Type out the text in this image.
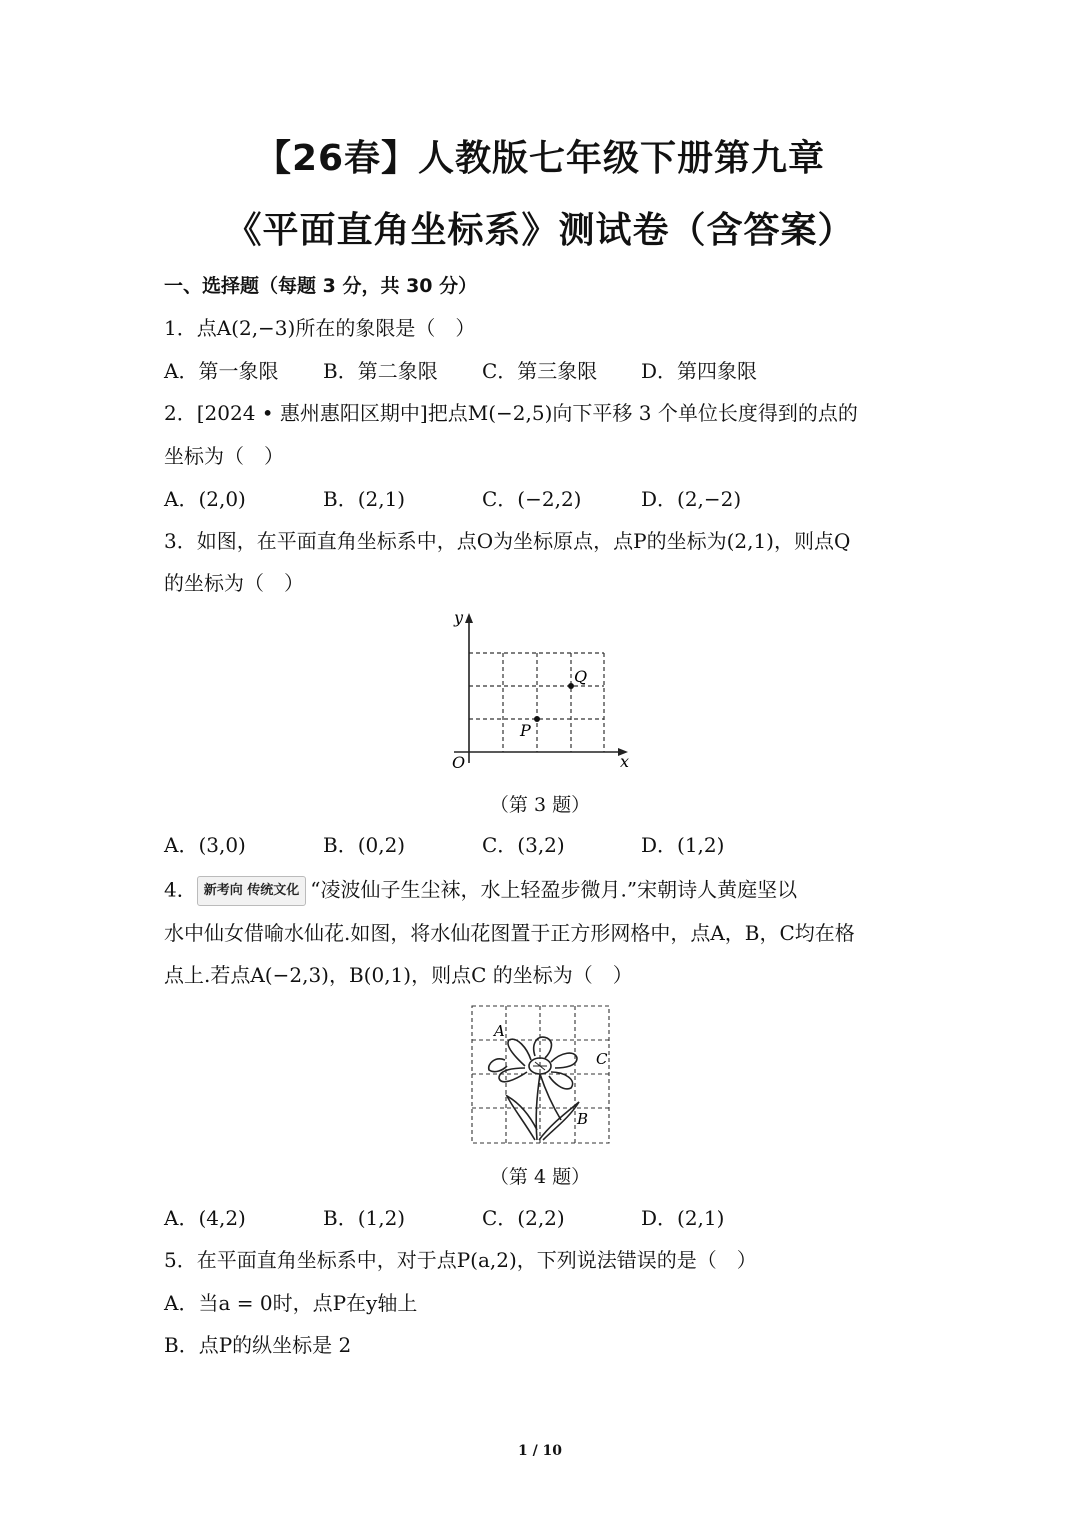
【26春】人教版七年级下册第九章
《平面直角坐标系》测试卷（含答案）
一、选择题（每题 3 分，共 30 分）
1．点A(2,−3)所在的象限是（　）
A．第一象限 B．第二象限 C．第三象限 D．第四象限
2．[2024 • 惠州惠阳区期中]把点M(−2,5)向下平移 3 个单位长度得到的点的
坐标为（　）
A．(2,0)	B．(2,1)	C．(−2,2)	D．(2,−2)
3．如图，在平面直角坐标系中，点O为坐标原点，点P的坐标为(2,1)，则点Q
的坐标为（　）
y
x
O
P
Q
（第 3 题）
A．(3,0)	B．(0,2)	C．(3,2)	D．(1,2)
4． 新考向 传统文化 “凌波仙子生尘袜，水上轻盈步微月.”宋朝诗人黄庭坚以
水中仙女借喻水仙花.如图，将水仙花图置于正方形网格中，点A，B，C均在格
点上.若点A(−2,3)，B(0,1)，则点C 的坐标为（　）
A
C
B
（第 4 题）
A．(4,2)	B．(1,2)	C．(2,2)	D．(2,1)
5．在平面直角坐标系中，对于点P(a,2)，下列说法错误的是（　）
A．当a = 0时，点P在y轴上
B．点P的纵坐标是 2
1 / 10
